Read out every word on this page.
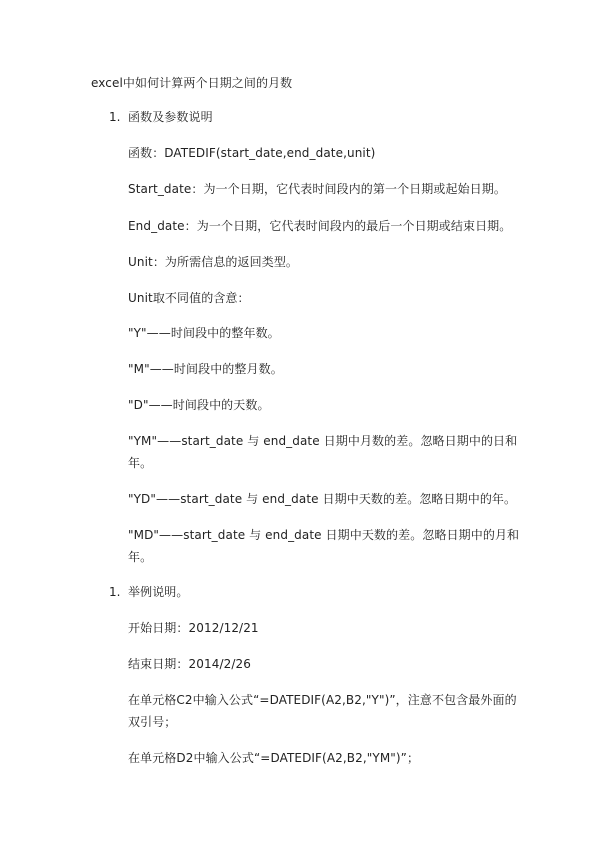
excel中如何计算两个日期之间的月数
1. 函数及参数说明
函数：DATEDIF(start_date,end_date,unit)
Start_date：为一个日期，它代表时间段内的第一个日期或起始日期。
End_date：为一个日期，它代表时间段内的最后一个日期或结束日期。
Unit：为所需信息的返回类型。
Unit取不同值的含意：
"Y"——时间段中的整年数。
"M"——时间段中的整月数。
"D"——时间段中的天数。
"YM"——start_date 与 end_date 日期中月数的差。忽略日期中的日和
年。
"YD"——start_date 与 end_date 日期中天数的差。忽略日期中的年。
"MD"——start_date 与 end_date 日期中天数的差。忽略日期中的月和
年。
1. 举例说明。
开始日期：2012/12/21
结束日期：2014/2/26
在单元格C2中输入公式“=DATEDIF(A2,B2,"Y")”，注意不包含最外面的
双引号；
在单元格D2中输入公式“=DATEDIF(A2,B2,"YM")”；
